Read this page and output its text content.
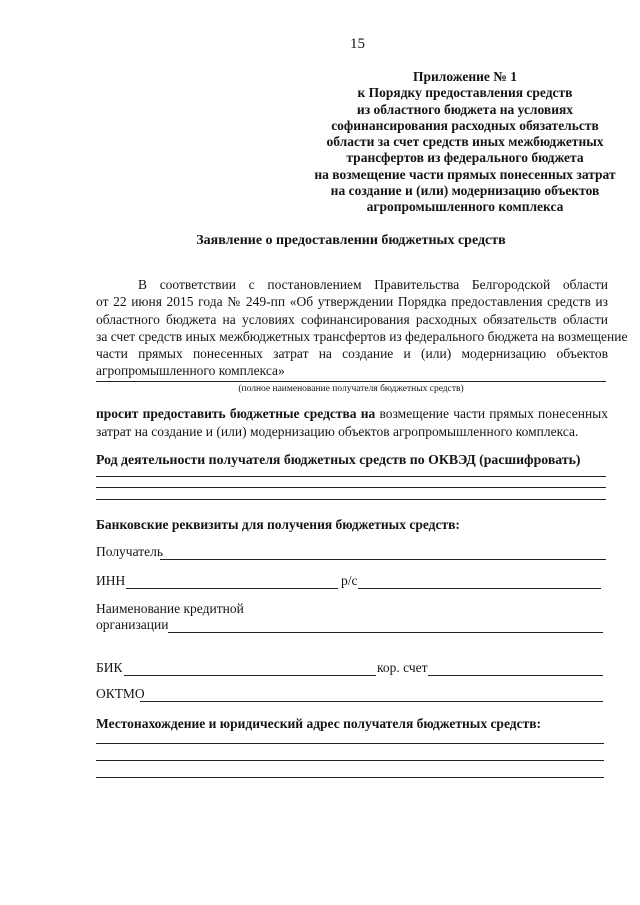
15
Приложение № 1
к Порядку предоставления средств
из областного бюджета на условиях
софинансирования расходных обязательств
области за счет средств иных межбюджетных
трансфертов из федерального бюджета
на возмещение части прямых понесенных затрат
на создание и (или) модернизацию объектов
агропромышленного комплекса
Заявление о предоставлении бюджетных средств
В соответствии с постановлением Правительства Белгородской области
от 22 июня 2015 года № 249-пп «Об утверждении Порядка предоставления средств из
областного бюджета на условиях софинансирования расходных обязательств области
за счет средств иных межбюджетных трансфертов из федерального бюджета на возмещение
части прямых понесенных затрат на создание и (или) модернизацию объектов
агропромышленного комплекса»
(полное наименование получателя бюджетных средств)
просит предоставить бюджетные средства на возмещение части прямых понесенных
затрат на создание и (или) модернизацию объектов агропромышленного комплекса.
Род деятельности получателя бюджетных средств по ОКВЭД (расшифровать)
Банковские реквизиты для получения бюджетных средств:
Получатель
ИНН	р/с
Наименование кредитной
организации
БИК	кор. счет
ОКТМО
Местонахождение и юридический адрес получателя бюджетных средств:
